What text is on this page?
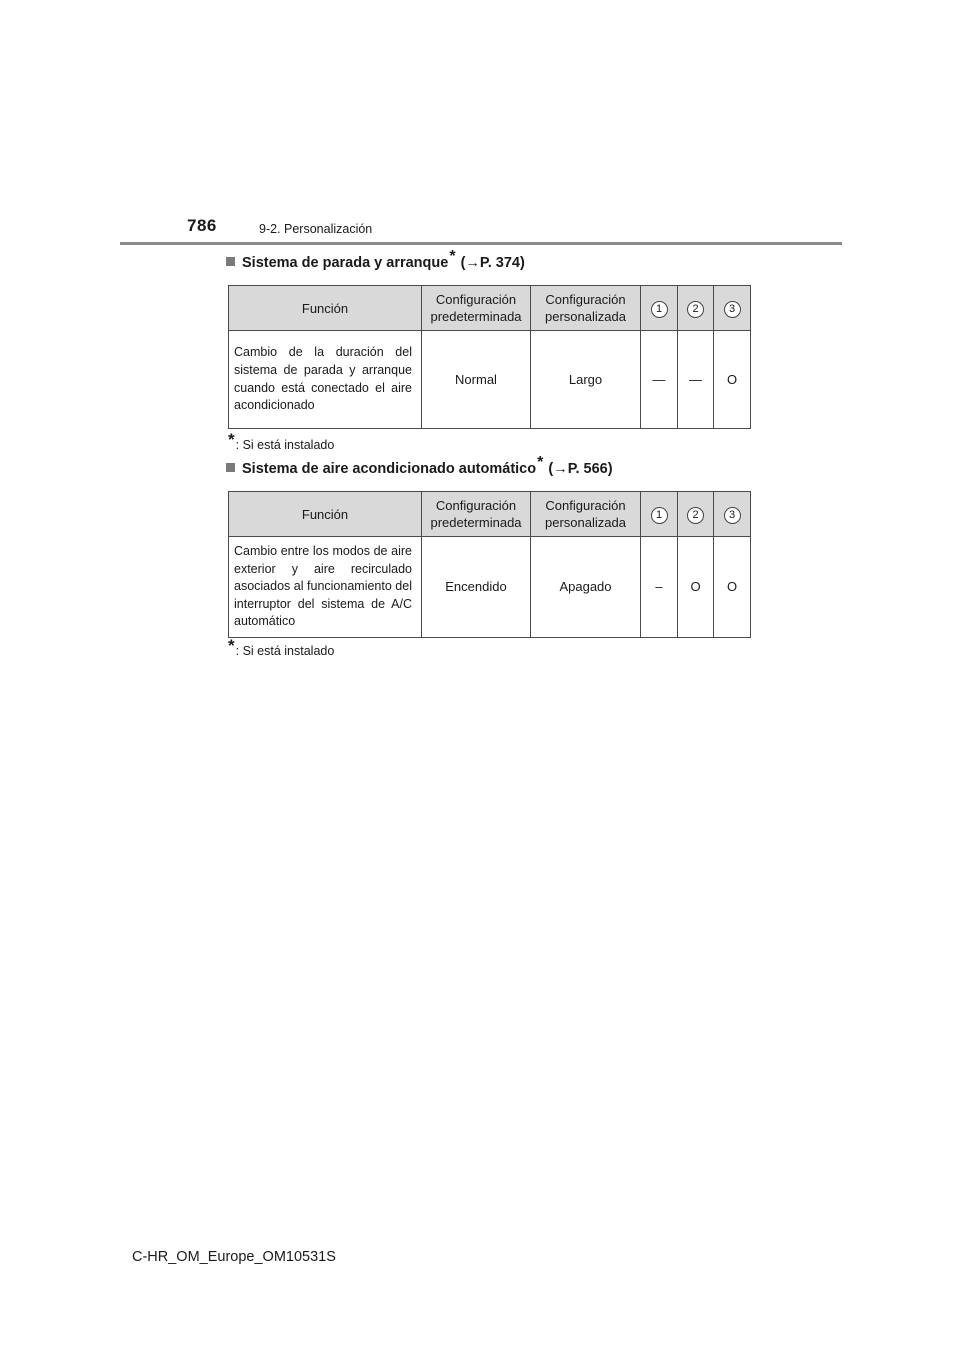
786	9-2. Personalización
Sistema de parada y arranque * ( → P. 374)
Función	Configuración predeterminada	Configuración personalizada	1	2	3
Cambio de la duración del sistema de parada y arranque cuando está conectado el aire acondicionado	Normal	Largo	—	—	O
*: Si está instalado
Sistema de aire acondicionado automático * ( → P. 566)
Función	Configuración predeterminada	Configuración personalizada	1	2	3
Cambio entre los modos de aire exterior y aire recirculado asociados al funcionamiento del interruptor del sistema de A/C automático	Encendido	Apagado	–	O	O
*: Si está instalado
C-HR_OM_Europe_OM10531S
